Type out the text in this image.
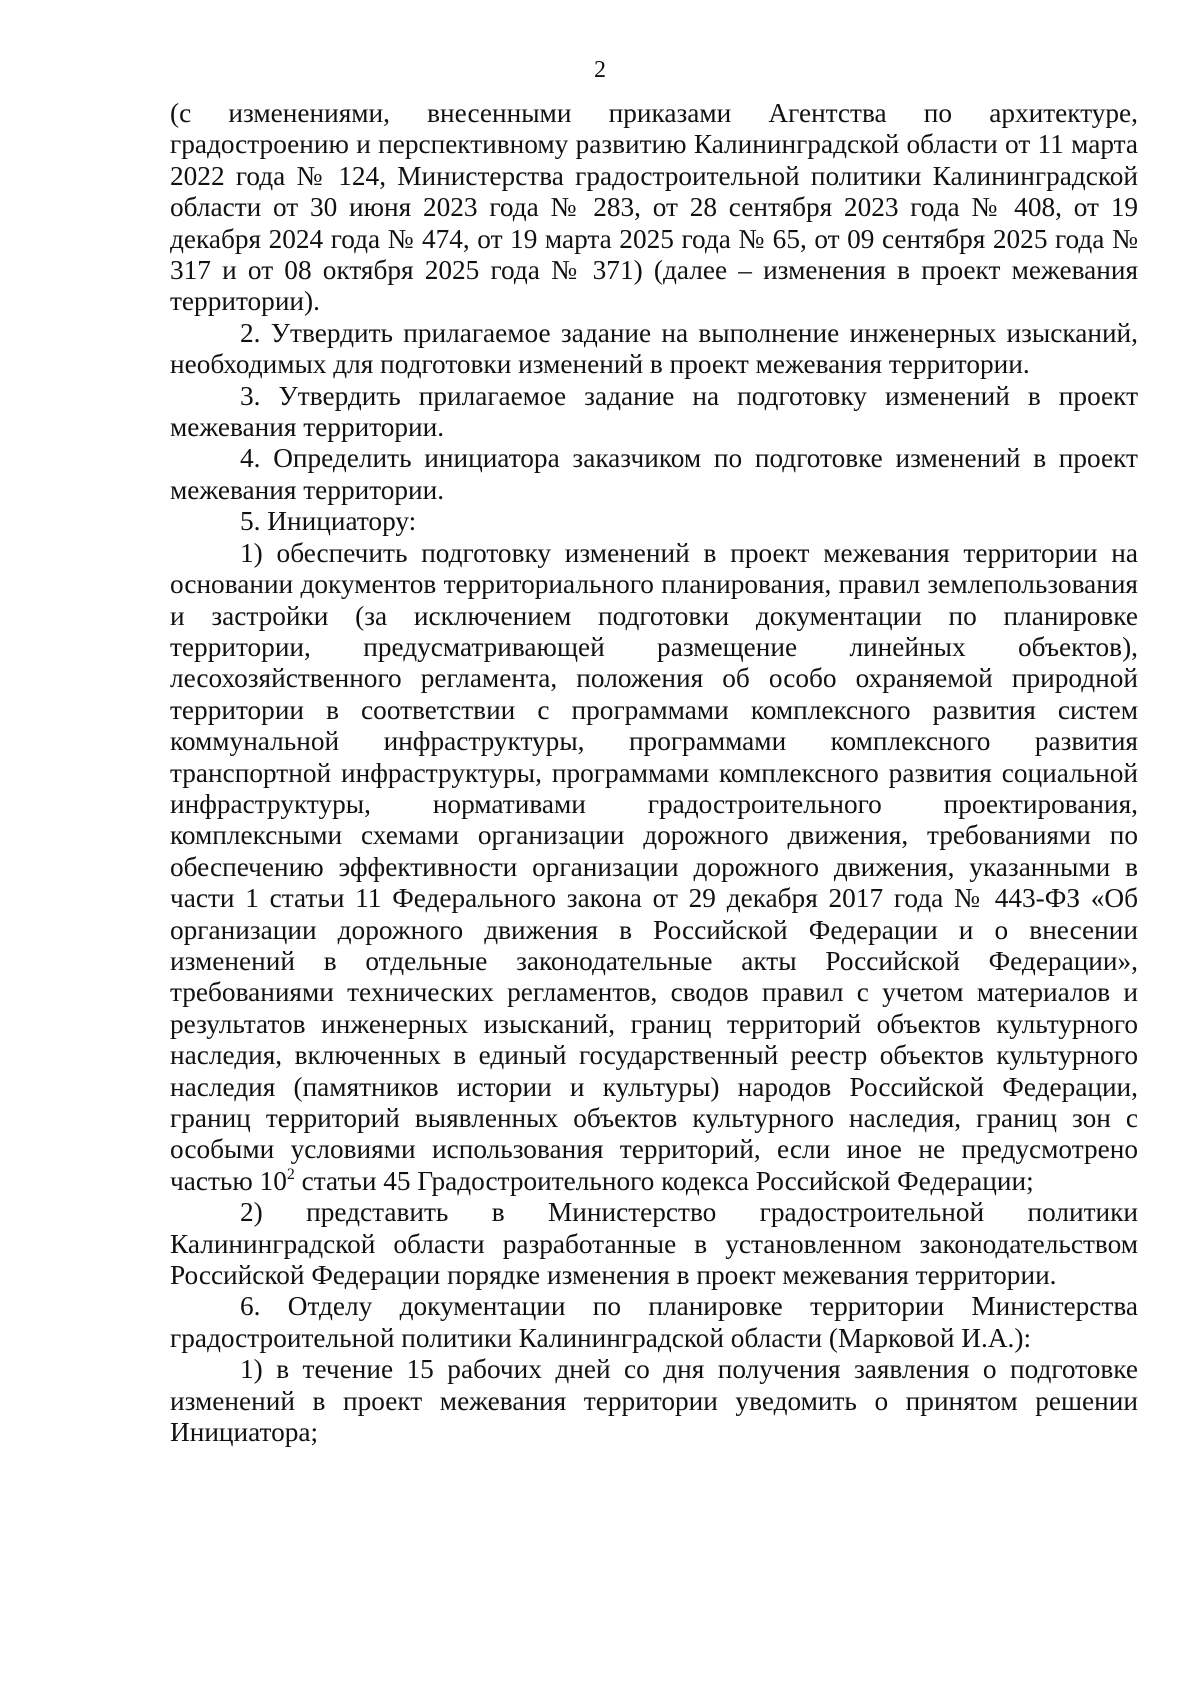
2

(с изменениями, внесенными приказами Агентства по архитектуре, градостроению и перспективному развитию Калининградской области от 11 марта 2022 года № 124, Министерства градостроительной политики Калининградской области от 30 июня 2023 года № 283, от 28 сентября 2023 года № 408, от 19 декабря 2024 года № 474, от 19 марта 2025 года № 65, от 09 сентября 2025 года № 317 и от 08 октября 2025 года № 371) (далее – изменения в проект межевания территории).

2. Утвердить прилагаемое задание на выполнение инженерных изысканий, необходимых для подготовки изменений в проект межевания территории.

3. Утвердить прилагаемое задание на подготовку изменений в проект межевания территории.

4. Определить инициатора заказчиком по подготовке изменений в проект межевания территории.

5. Инициатору:

1) обеспечить подготовку изменений в проект межевания территории на основании документов территориального планирования, правил землепользования и застройки (за исключением подготовки документации по планировке территории, предусматривающей размещение линейных объектов), лесохозяйственного регламента, положения об особо охраняемой природной территории в соответствии с программами комплексного развития систем коммунальной инфраструктуры, программами комплексного развития транспортной инфраструктуры, программами комплексного развития социальной инфраструктуры, нормативами градостроительного проектирования, комплексными схемами организации дорожного движения, требованиями по обеспечению эффективности организации дорожного движения, указанными в части 1 статьи 11 Федерального закона от 29 декабря 2017 года № 443-ФЗ «Об организации дорожного движения в Российской Федерации и о внесении изменений в отдельные законодательные акты Российской Федерации», требованиями технических регламентов, сводов правил с учетом материалов и результатов инженерных изысканий, границ территорий объектов культурного наследия, включенных в единый государственный реестр объектов культурного наследия (памятников истории и культуры) народов Российской Федерации, границ территорий выявленных объектов культурного наследия, границ зон с особыми условиями использования территорий, если иное не предусмотрено частью $10^2$ статьи 45 Градостроительного кодекса Российской Федерации;

2) представить в Министерство градостроительной политики Калининградской области разработанные в установленном законодательством Российской Федерации порядке изменения в проект межевания территории.

6. Отделу документации по планировке территории Министерства градостроительной политики Калининградской области (Марковой И.А.):

1) в течение 15 рабочих дней со дня получения заявления о подготовке изменений в проект межевания территории уведомить о принятом решении Инициатора;
